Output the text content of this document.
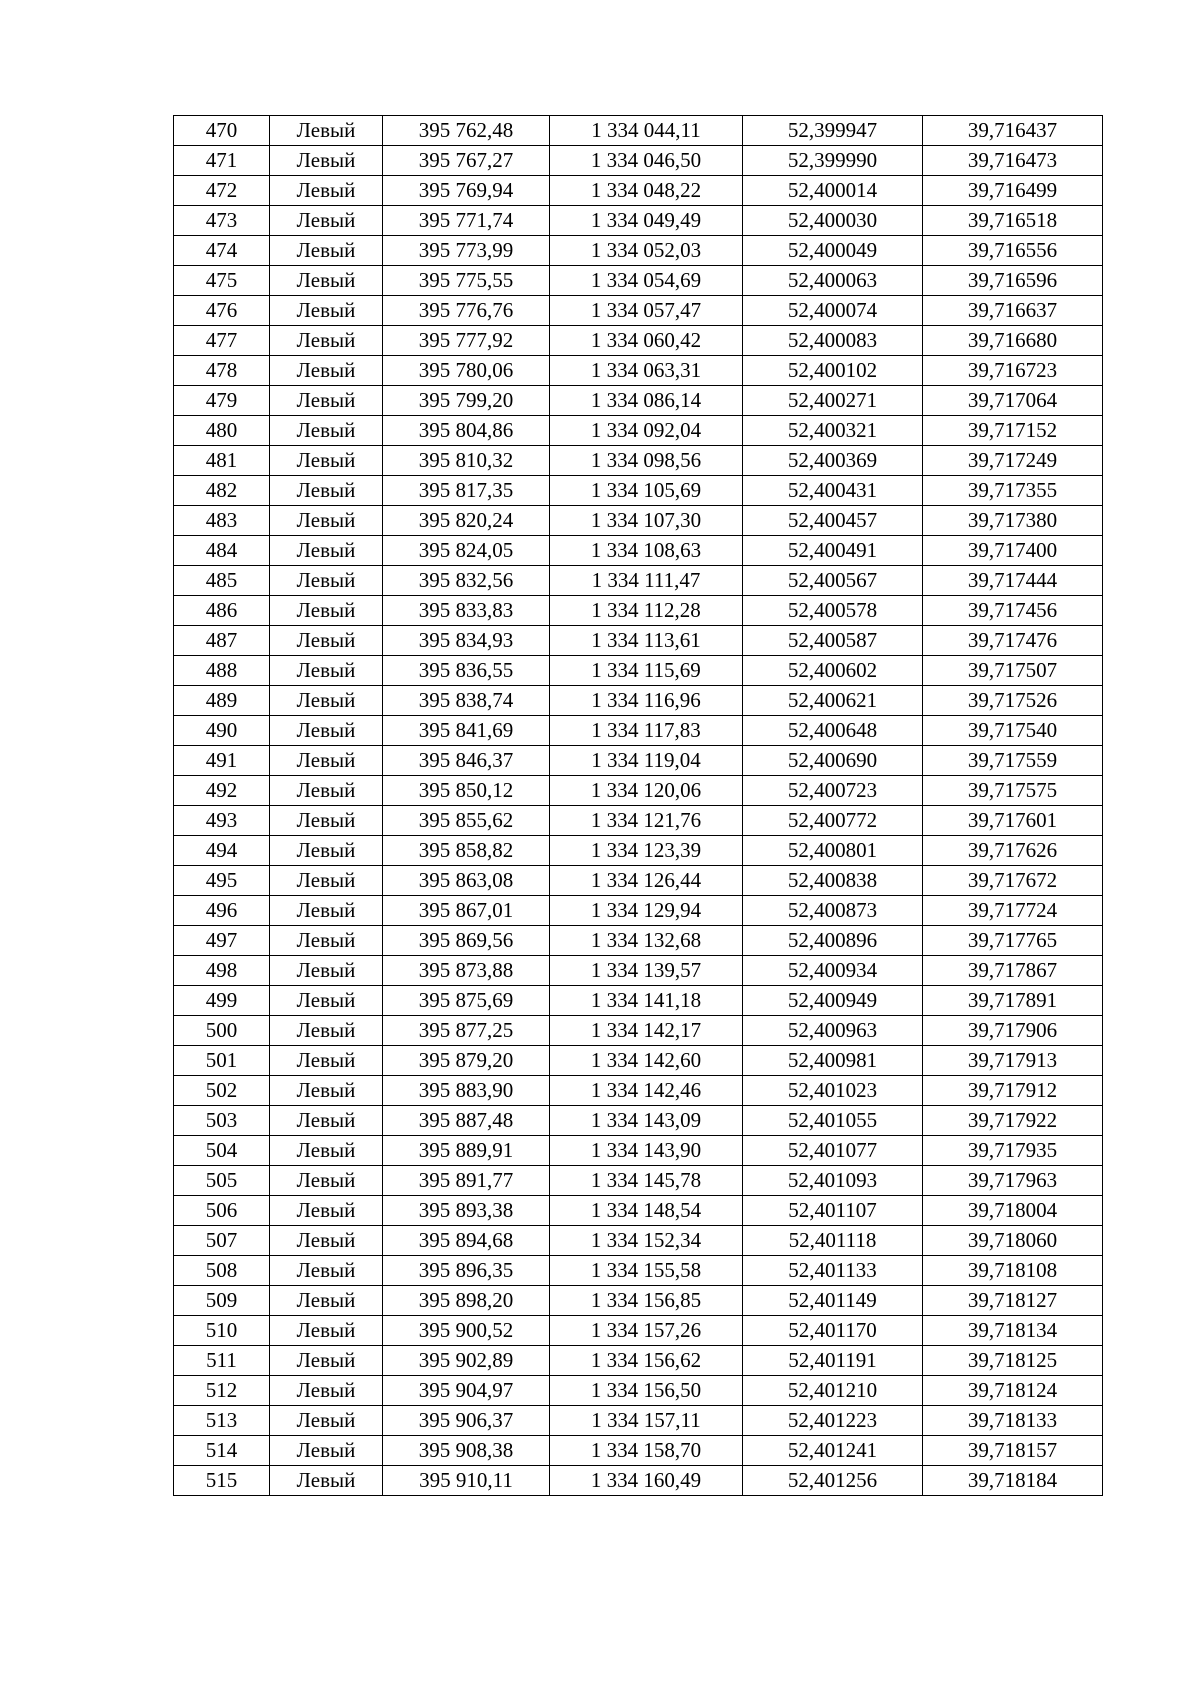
470	Левый	395 762,48	1 334 044,11	52,399947	39,716437
471	Левый	395 767,27	1 334 046,50	52,399990	39,716473
472	Левый	395 769,94	1 334 048,22	52,400014	39,716499
473	Левый	395 771,74	1 334 049,49	52,400030	39,716518
474	Левый	395 773,99	1 334 052,03	52,400049	39,716556
475	Левый	395 775,55	1 334 054,69	52,400063	39,716596
476	Левый	395 776,76	1 334 057,47	52,400074	39,716637
477	Левый	395 777,92	1 334 060,42	52,400083	39,716680
478	Левый	395 780,06	1 334 063,31	52,400102	39,716723
479	Левый	395 799,20	1 334 086,14	52,400271	39,717064
480	Левый	395 804,86	1 334 092,04	52,400321	39,717152
481	Левый	395 810,32	1 334 098,56	52,400369	39,717249
482	Левый	395 817,35	1 334 105,69	52,400431	39,717355
483	Левый	395 820,24	1 334 107,30	52,400457	39,717380
484	Левый	395 824,05	1 334 108,63	52,400491	39,717400
485	Левый	395 832,56	1 334 111,47	52,400567	39,717444
486	Левый	395 833,83	1 334 112,28	52,400578	39,717456
487	Левый	395 834,93	1 334 113,61	52,400587	39,717476
488	Левый	395 836,55	1 334 115,69	52,400602	39,717507
489	Левый	395 838,74	1 334 116,96	52,400621	39,717526
490	Левый	395 841,69	1 334 117,83	52,400648	39,717540
491	Левый	395 846,37	1 334 119,04	52,400690	39,717559
492	Левый	395 850,12	1 334 120,06	52,400723	39,717575
493	Левый	395 855,62	1 334 121,76	52,400772	39,717601
494	Левый	395 858,82	1 334 123,39	52,400801	39,717626
495	Левый	395 863,08	1 334 126,44	52,400838	39,717672
496	Левый	395 867,01	1 334 129,94	52,400873	39,717724
497	Левый	395 869,56	1 334 132,68	52,400896	39,717765
498	Левый	395 873,88	1 334 139,57	52,400934	39,717867
499	Левый	395 875,69	1 334 141,18	52,400949	39,717891
500	Левый	395 877,25	1 334 142,17	52,400963	39,717906
501	Левый	395 879,20	1 334 142,60	52,400981	39,717913
502	Левый	395 883,90	1 334 142,46	52,401023	39,717912
503	Левый	395 887,48	1 334 143,09	52,401055	39,717922
504	Левый	395 889,91	1 334 143,90	52,401077	39,717935
505	Левый	395 891,77	1 334 145,78	52,401093	39,717963
506	Левый	395 893,38	1 334 148,54	52,401107	39,718004
507	Левый	395 894,68	1 334 152,34	52,401118	39,718060
508	Левый	395 896,35	1 334 155,58	52,401133	39,718108
509	Левый	395 898,20	1 334 156,85	52,401149	39,718127
510	Левый	395 900,52	1 334 157,26	52,401170	39,718134
511	Левый	395 902,89	1 334 156,62	52,401191	39,718125
512	Левый	395 904,97	1 334 156,50	52,401210	39,718124
513	Левый	395 906,37	1 334 157,11	52,401223	39,718133
514	Левый	395 908,38	1 334 158,70	52,401241	39,718157
515	Левый	395 910,11	1 334 160,49	52,401256	39,718184
